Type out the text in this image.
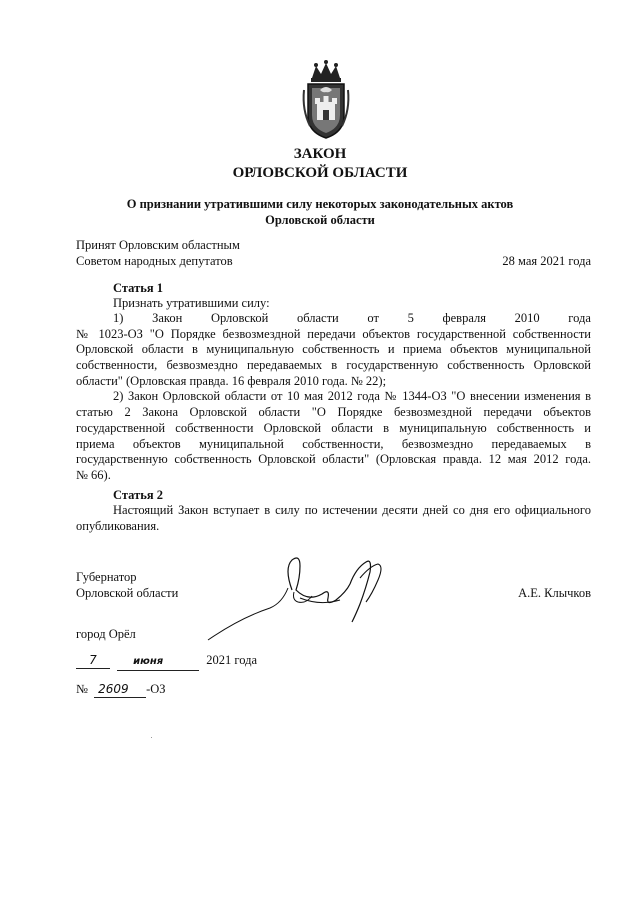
ЗАКОН
ОРЛОВСКОЙ ОБЛАСТИ
О признании утратившими силу некоторых законодательных актов
Орловской области
Принят Орловским областным
Советом народных депутатов	28 мая 2021 года
Статья 1
Признать утратившими силу:
1) Закон Орловской области от 5 февраля 2010 года
№ 1023-ОЗ "О Порядке безвозмездной передачи объектов государственной собственности
Орловской области в муниципальную собственность и приема объектов муниципальной
собственности, безвозмездно передаваемых в государственную собственность Орловской
области" (Орловская правда. 16 февраля 2010 года. № 22);
2) Закон Орловской области от 10 мая 2012 года № 1344-ОЗ "О внесении изменения в
статью 2 Закона Орловской области "О Порядке безвозмездной передачи объектов
государственной собственности Орловской области в муниципальную собственность и
приема объектов муниципальной собственности, безвозмездно передаваемых в
государственную собственность Орловской области" (Орловская правда. 12 мая 2012 года.
№ 66).
Статья 2
Настоящий Закон вступает в силу по истечении десяти дней со дня его официального
опубликования.
Губернатор
Орловской области	А.Е. Клычков
город Орёл
7	июня	2021 года
№ 2609 -ОЗ
